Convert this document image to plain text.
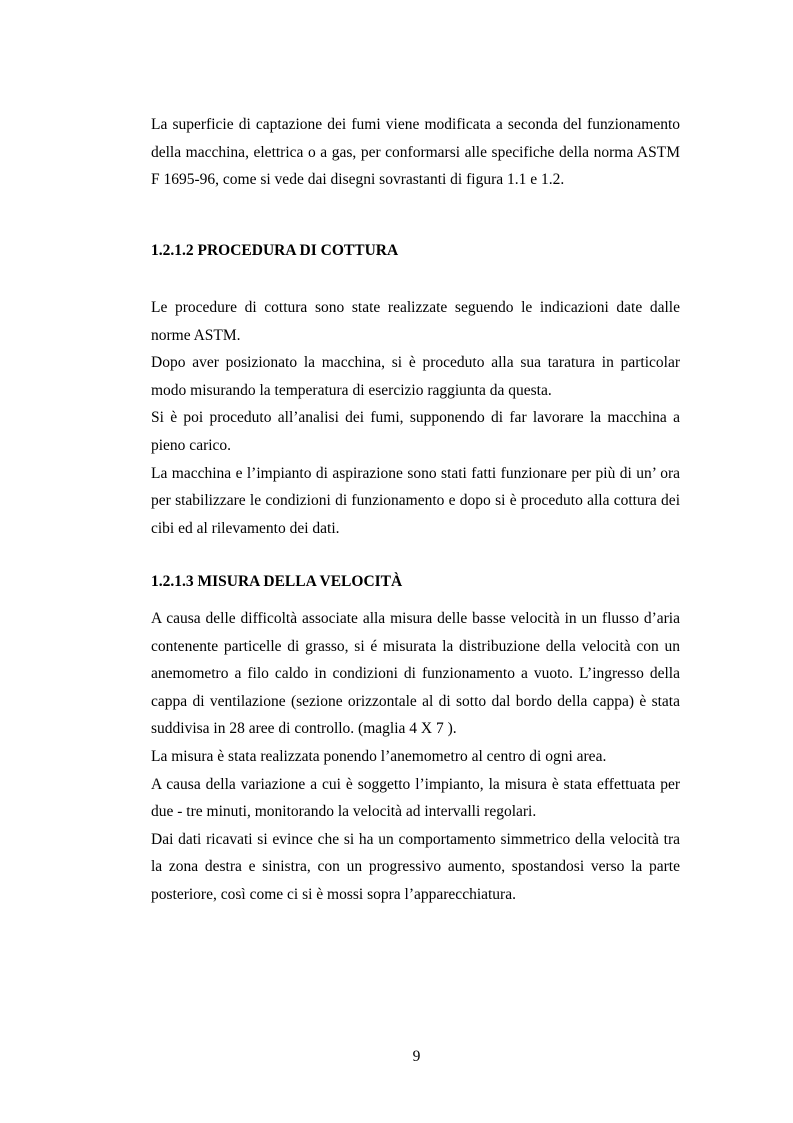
La superficie di captazione dei fumi viene modificata a seconda del funzionamento della macchina, elettrica o a gas, per conformarsi alle specifiche della norma ASTM F 1695-96, come si vede dai disegni sovrastanti di figura 1.1 e 1.2.

1.2.1.2 PROCEDURA DI COTTURA

Le procedure di cottura sono state realizzate seguendo le indicazioni date dalle norme ASTM.

Dopo aver posizionato la macchina, si è proceduto alla sua taratura in particolar modo misurando la temperatura di esercizio raggiunta da questa.

Si è poi proceduto all’analisi dei fumi, supponendo di far lavorare la macchina a pieno carico.

La macchina e l’impianto di aspirazione sono stati fatti funzionare per più di un’ ora per stabilizzare le condizioni di funzionamento e dopo si è proceduto alla cottura dei cibi ed al rilevamento dei dati.

1.2.1.3 MISURA DELLA VELOCITÀ

A causa delle difficoltà associate alla misura delle basse velocità in un flusso d’aria contenente particelle di grasso, si é misurata la distribuzione della velocità con un anemometro a filo caldo in condizioni di funzionamento a vuoto. L’ingresso della cappa di ventilazione (sezione orizzontale al di sotto dal bordo della cappa) è stata suddivisa in 28 aree di controllo. (maglia 4 X 7 ).

La misura è stata realizzata ponendo l’anemometro al centro di ogni area.

A causa della variazione a cui è soggetto l’impianto, la misura è stata effettuata per due - tre minuti, monitorando la velocità ad intervalli regolari.

Dai dati ricavati si evince che si ha un comportamento simmetrico della velocità tra la zona destra e sinistra, con un progressivo aumento, spostandosi verso la parte posteriore, così come ci si è mossi sopra l’apparecchiatura.

9
